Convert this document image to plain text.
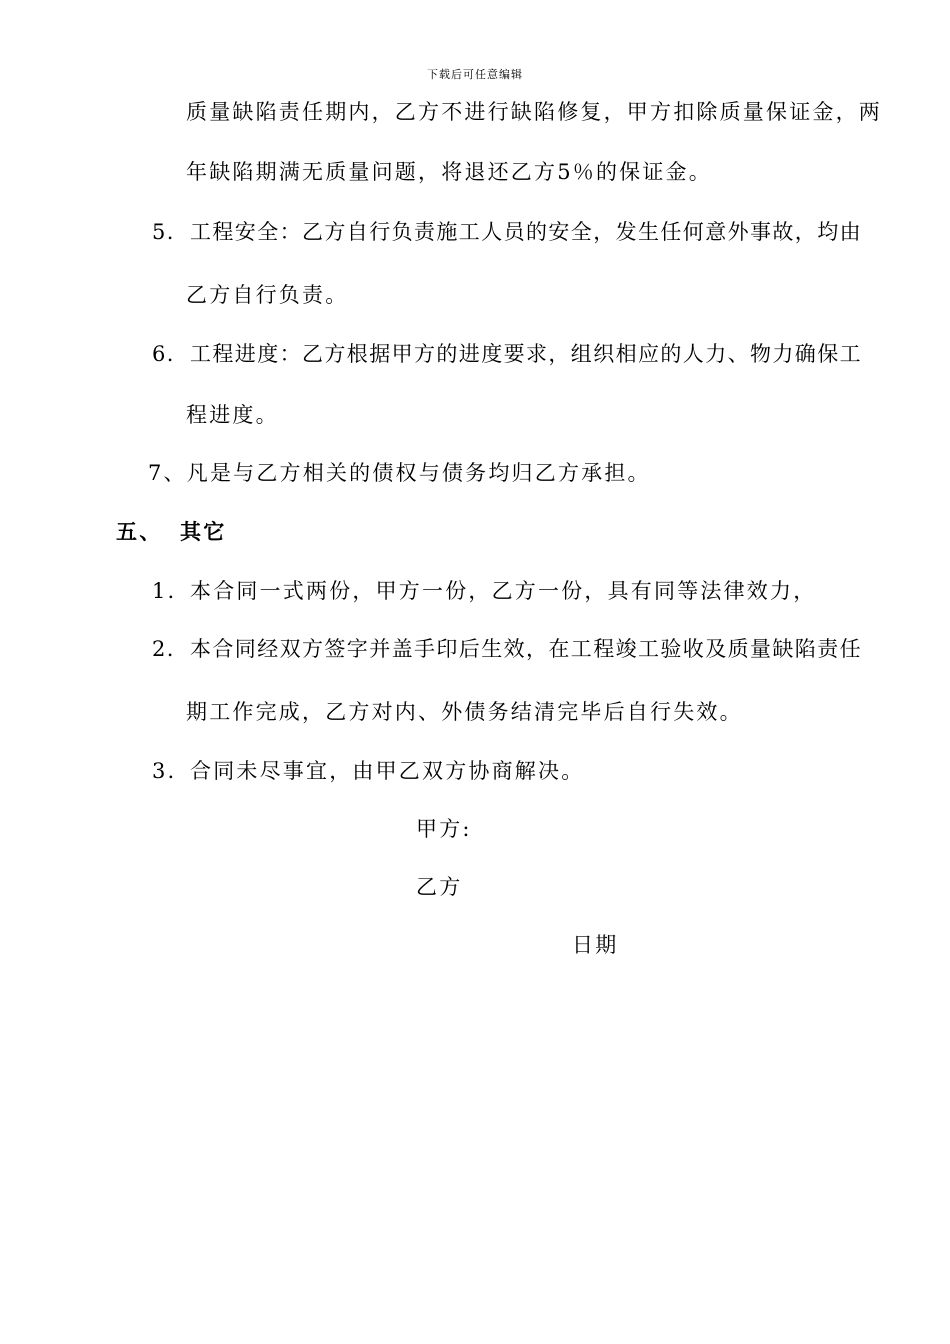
下载后可任意编辑
质量缺陷责任期内，乙方不进行缺陷修复，甲方扣除质量保证金，两
年缺陷期满无质量问题，将退还乙方5％的保证金。
5. 工程安全：乙方自行负责施工人员的安全，发生任何意外事故，均由
乙方自行负责。
6. 工程进度：乙方根据甲方的进度要求，组织相应的人力、物力确保工
程进度。
7、凡是与乙方相关的债权与债务均归乙方承担。
五、 其它
1. 本合同一式两份，甲方一份，乙方一份，具有同等法律效力，
2. 本合同经双方签字并盖手印后生效，在工程竣工验收及质量缺陷责任
期工作完成，乙方对内、外债务结清完毕后自行失效。
3. 合同未尽事宜，由甲乙双方协商解决。
甲方:
乙方
日期
